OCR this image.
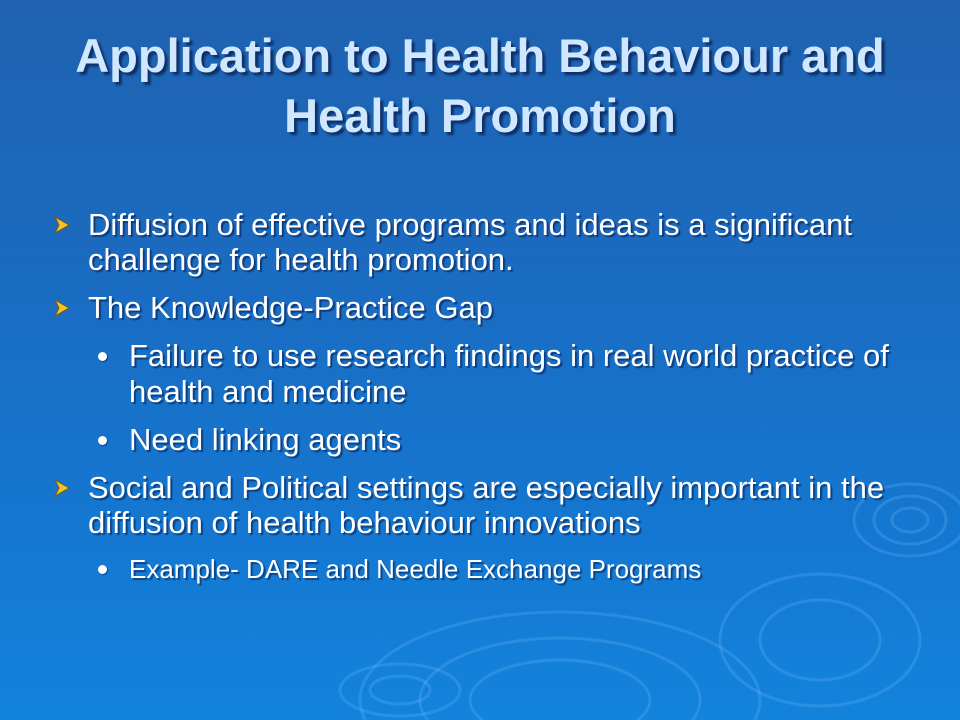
Application to Health Behaviour and Health Promotion
Diffusion of effective programs and ideas is a significant challenge for health promotion.
The Knowledge-Practice Gap
Failure to use research findings in real world practice of health and medicine
Need linking agents
Social and Political settings are especially important in the diffusion of health behaviour innovations
Example- DARE and Needle Exchange Programs
